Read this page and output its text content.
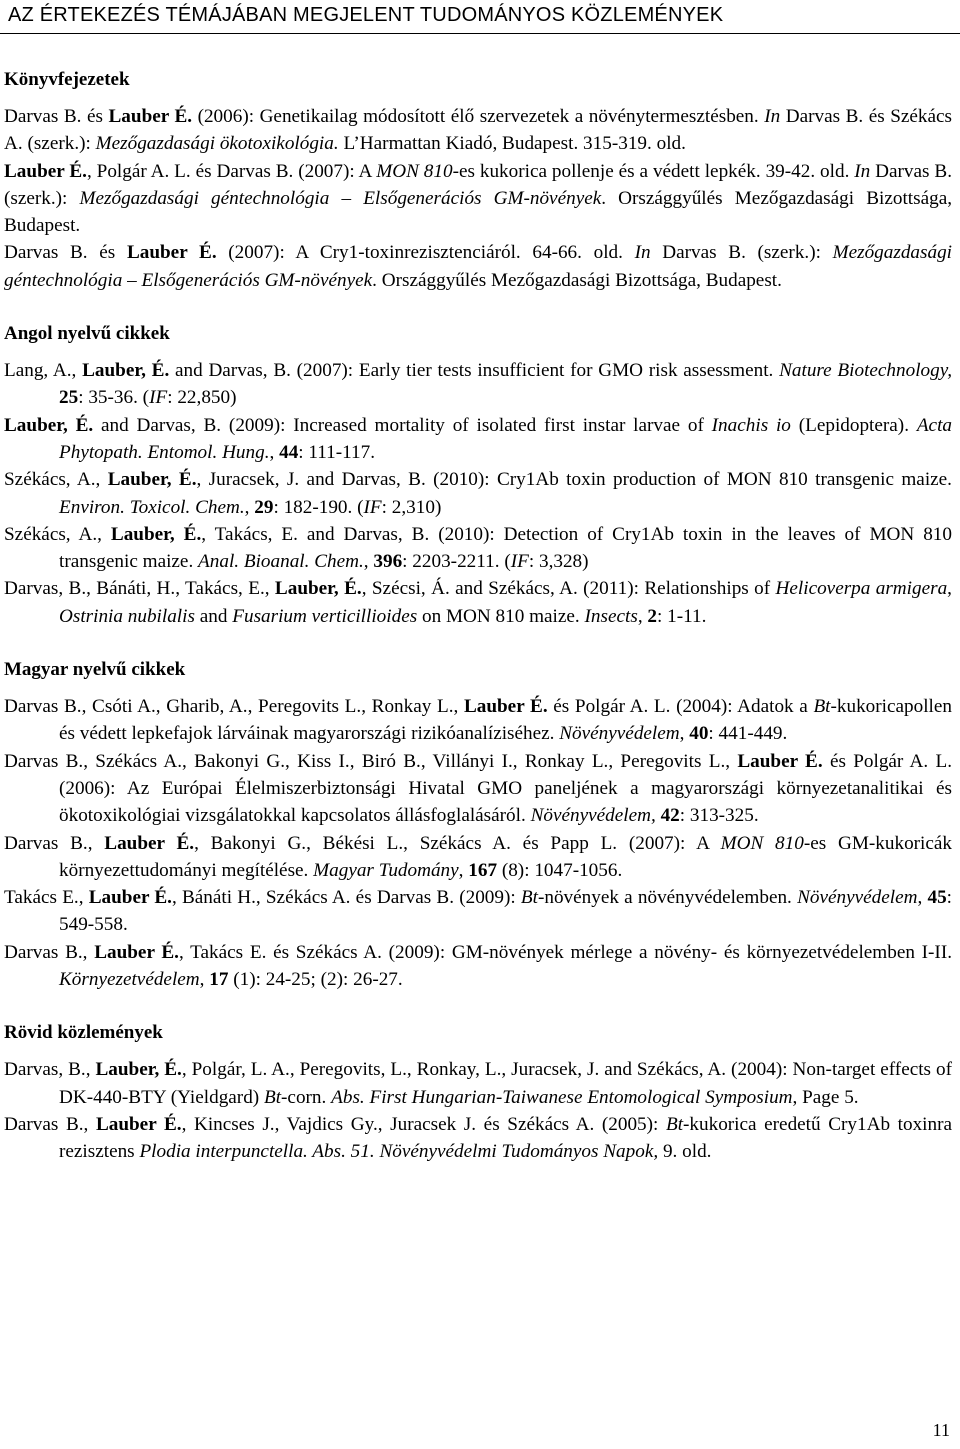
AZ ÉRTEKEZÉS TÉMÁJÁBAN MEGJELENT TUDOMÁNYOS KÖZLEMÉNYEK
Könyvfejezetek
Darvas B. és Lauber É. (2006): Genetikailag módosított élő szervezetek a növénytermesztésben. In Darvas B. és Székács A. (szerk.): Mezőgazdasági ökotoxikológia. L’Harmattan Kiadó, Budapest. 315-319. old.
Lauber É., Polgár A. L. és Darvas B. (2007): A MON 810-es kukorica pollenje és a védett lepkék. 39-42. old. In Darvas B. (szerk.): Mezőgazdasági géntechnológia – Elsőgenerációs GM-növények. Országgyűlés Mezőgazdasági Bizottsága, Budapest.
Darvas B. és Lauber É. (2007): A Cry1-toxinrezisztenciáról. 64-66. old. In Darvas B. (szerk.): Mezőgazdasági géntechnológia – Elsőgenerációs GM-növények. Országgyűlés Mezőgazdasági Bizottsága, Budapest.
Angol nyelvű cikkek
Lang, A., Lauber, É. and Darvas, B. (2007): Early tier tests insufficient for GMO risk assessment. Nature Biotechnology, 25: 35-36. (IF: 22,850)
Lauber, É. and Darvas, B. (2009): Increased mortality of isolated first instar larvae of Inachis io (Lepidoptera). Acta Phytopath. Entomol. Hung., 44: 111-117.
Székács, A., Lauber, É., Juracsek, J. and Darvas, B. (2010): Cry1Ab toxin production of MON 810 transgenic maize. Environ. Toxicol. Chem., 29: 182-190. (IF: 2,310)
Székács, A., Lauber, É., Takács, E. and Darvas, B. (2010): Detection of Cry1Ab toxin in the leaves of MON 810 transgenic maize. Anal. Bioanal. Chem., 396: 2203-2211. (IF: 3,328)
Darvas, B., Bánáti, H., Takács, E., Lauber, É., Szécsi, Á. and Székács, A. (2011): Relationships of Helicoverpa armigera, Ostrinia nubilalis and Fusarium verticillioides on MON 810 maize. Insects, 2: 1-11.
Magyar nyelvű cikkek
Darvas B., Csóti A., Gharib, A., Peregovits L., Ronkay L., Lauber É. és Polgár A. L. (2004): Adatok a Bt-kukoricapollen és védett lepkefajok lárváinak magyarországi rizikóanalíziséhez. Növényvédelem, 40: 441-449.
Darvas B., Székács A., Bakonyi G., Kiss I., Biró B., Villányi I., Ronkay L., Peregovits L., Lauber É. és Polgár A. L. (2006): Az Európai Élelmiszerbiztonsági Hivatal GMO paneljének a magyarországi környezetanalitikai és ökotoxikológiai vizsgálatokkal kapcsolatos állásfoglalásáról. Növényvédelem, 42: 313-325.
Darvas B., Lauber É., Bakonyi G., Békési L., Székács A. és Papp L. (2007): A MON 810-es GM-kukoricák környezettudományi megítélése. Magyar Tudomány, 167 (8): 1047-1056.
Takács E., Lauber É., Bánáti H., Székács A. és Darvas B. (2009): Bt-növények a növényvédelemben. Növényvédelem, 45: 549-558.
Darvas B., Lauber É., Takács E. és Székács A. (2009): GM-növények mérlege a növény- és környezetvédelemben I-II. Környezetvédelem, 17 (1): 24-25; (2): 26-27.
Rövid közlemények
Darvas, B., Lauber, É., Polgár, L. A., Peregovits, L., Ronkay, L., Juracsek, J. and Székács, A. (2004): Non-target effects of DK-440-BTY (Yieldgard) Bt-corn. Abs. First Hungarian-Taiwanese Entomological Symposium, Page 5.
Darvas B., Lauber É., Kincses J., Vajdics Gy., Juracsek J. és Székács A. (2005): Bt-kukorica eredetű Cry1Ab toxinra rezisztens Plodia interpunctella. Abs. 51. Növényvédelmi Tudományos Napok, 9. old.
11
